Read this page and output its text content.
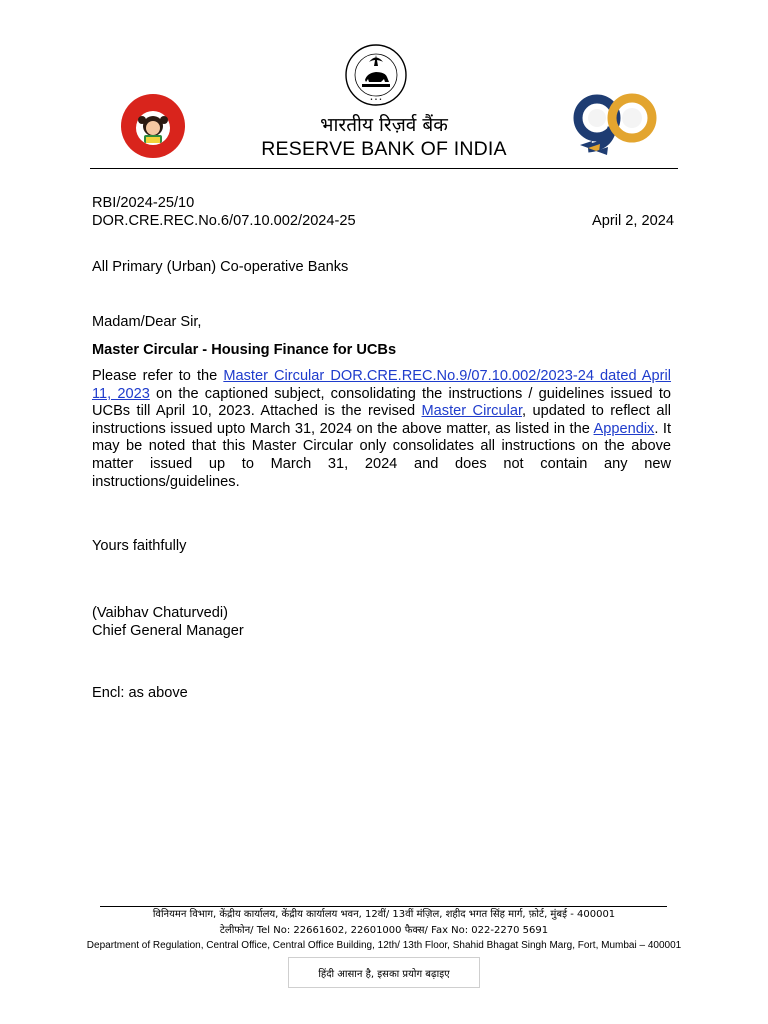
• • •
भारतीय रिज़र्व बैंक
RESERVE BANK OF INDIA
RBI/2024-25/10
DOR.CRE.REC.No.6/07.10.002/2024-25	April 2, 2024
All Primary (Urban) Co-operative Banks
Madam/Dear Sir,
Master Circular - Housing Finance for UCBs
Please refer to the Master Circular DOR.CRE.REC.No.9/07.10.002/2023-24 dated April 11, 2023 on the captioned subject, consolidating the instructions / guidelines issued to UCBs till April 10, 2023. Attached is the revised Master Circular, updated to reflect all instructions issued upto March 31, 2024 on the above matter, as listed in the Appendix. It may be noted that this Master Circular only consolidates all instructions on the above matter issued up to March 31, 2024 and does not contain any new instructions/guidelines.
Yours faithfully
(Vaibhav Chaturvedi)
Chief General Manager
Encl: as above
विनियमन विभाग, केंद्रीय कार्यालय, केंद्रीय कार्यालय भवन, 12वीं/ 13वीं मंज़िल, शहीद भगत सिंह मार्ग, फ़ोर्ट, मुंबई - 400001
टेलीफोन/ Tel No: 22661602, 22601000 फैक्स/ Fax No: 022-2270 5691
Department of Regulation, Central Office, Central Office Building, 12th/ 13th Floor, Shahid Bhagat Singh Marg, Fort, Mumbai – 400001
हिंदी आसान है, इसका प्रयोग बढ़ाइए
